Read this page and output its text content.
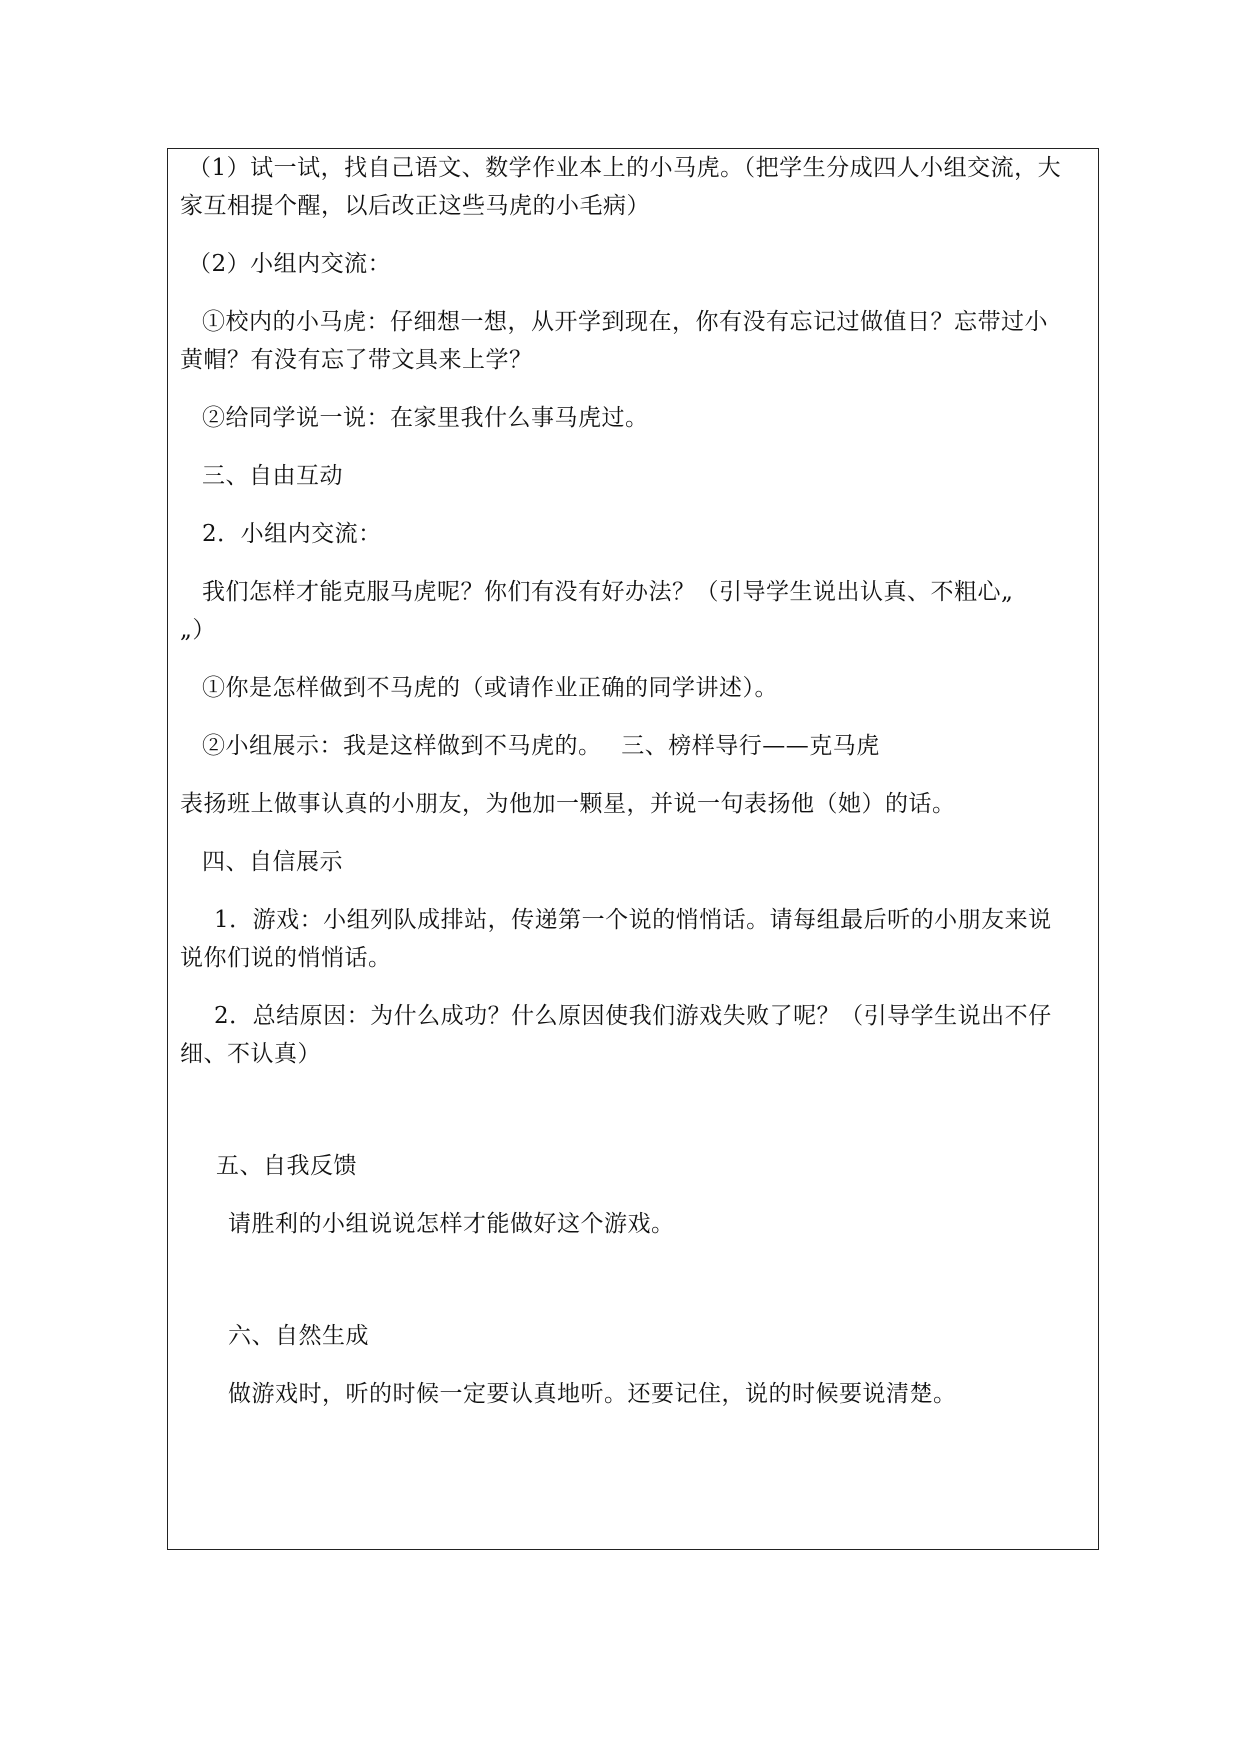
（1）试一试，找自己语文、数学作业本上的小马虎。（把学生分成四人小组交流，大
家互相提个醒，以后改正这些马虎的小毛病）
（2）小组内交流：
①校内的小马虎：仔细想一想，从开学到现在，你有没有忘记过做值日？忘带过小
黄帽？有没有忘了带文具来上学？
②给同学说一说：在家里我什么事马虎过。
三、自由互动
2．小组内交流：
我们怎样才能克服马虎呢？你们有没有好办法？（引导学生说出认真、不粗心„
„）
①你是怎样做到不马虎的（或请作业正确的同学讲述）。
②小组展示：我是这样做到不马虎的。　 三、榜样导行——克马虎
表扬班上做事认真的小朋友，为他加一颗星，并说一句表扬他（她）的话。
四、自信展示
1．游戏：小组列队成排站，传递第一个说的悄悄话。请每组最后听的小朋友来说
说你们说的悄悄话。
2．总结原因：为什么成功？什么原因使我们游戏失败了呢？（引导学生说出不仔
细、不认真）
五、自我反馈
请胜利的小组说说怎样才能做好这个游戏。
六、自然生成
做游戏时，听的时候一定要认真地听。还要记住，说的时候要说清楚。
